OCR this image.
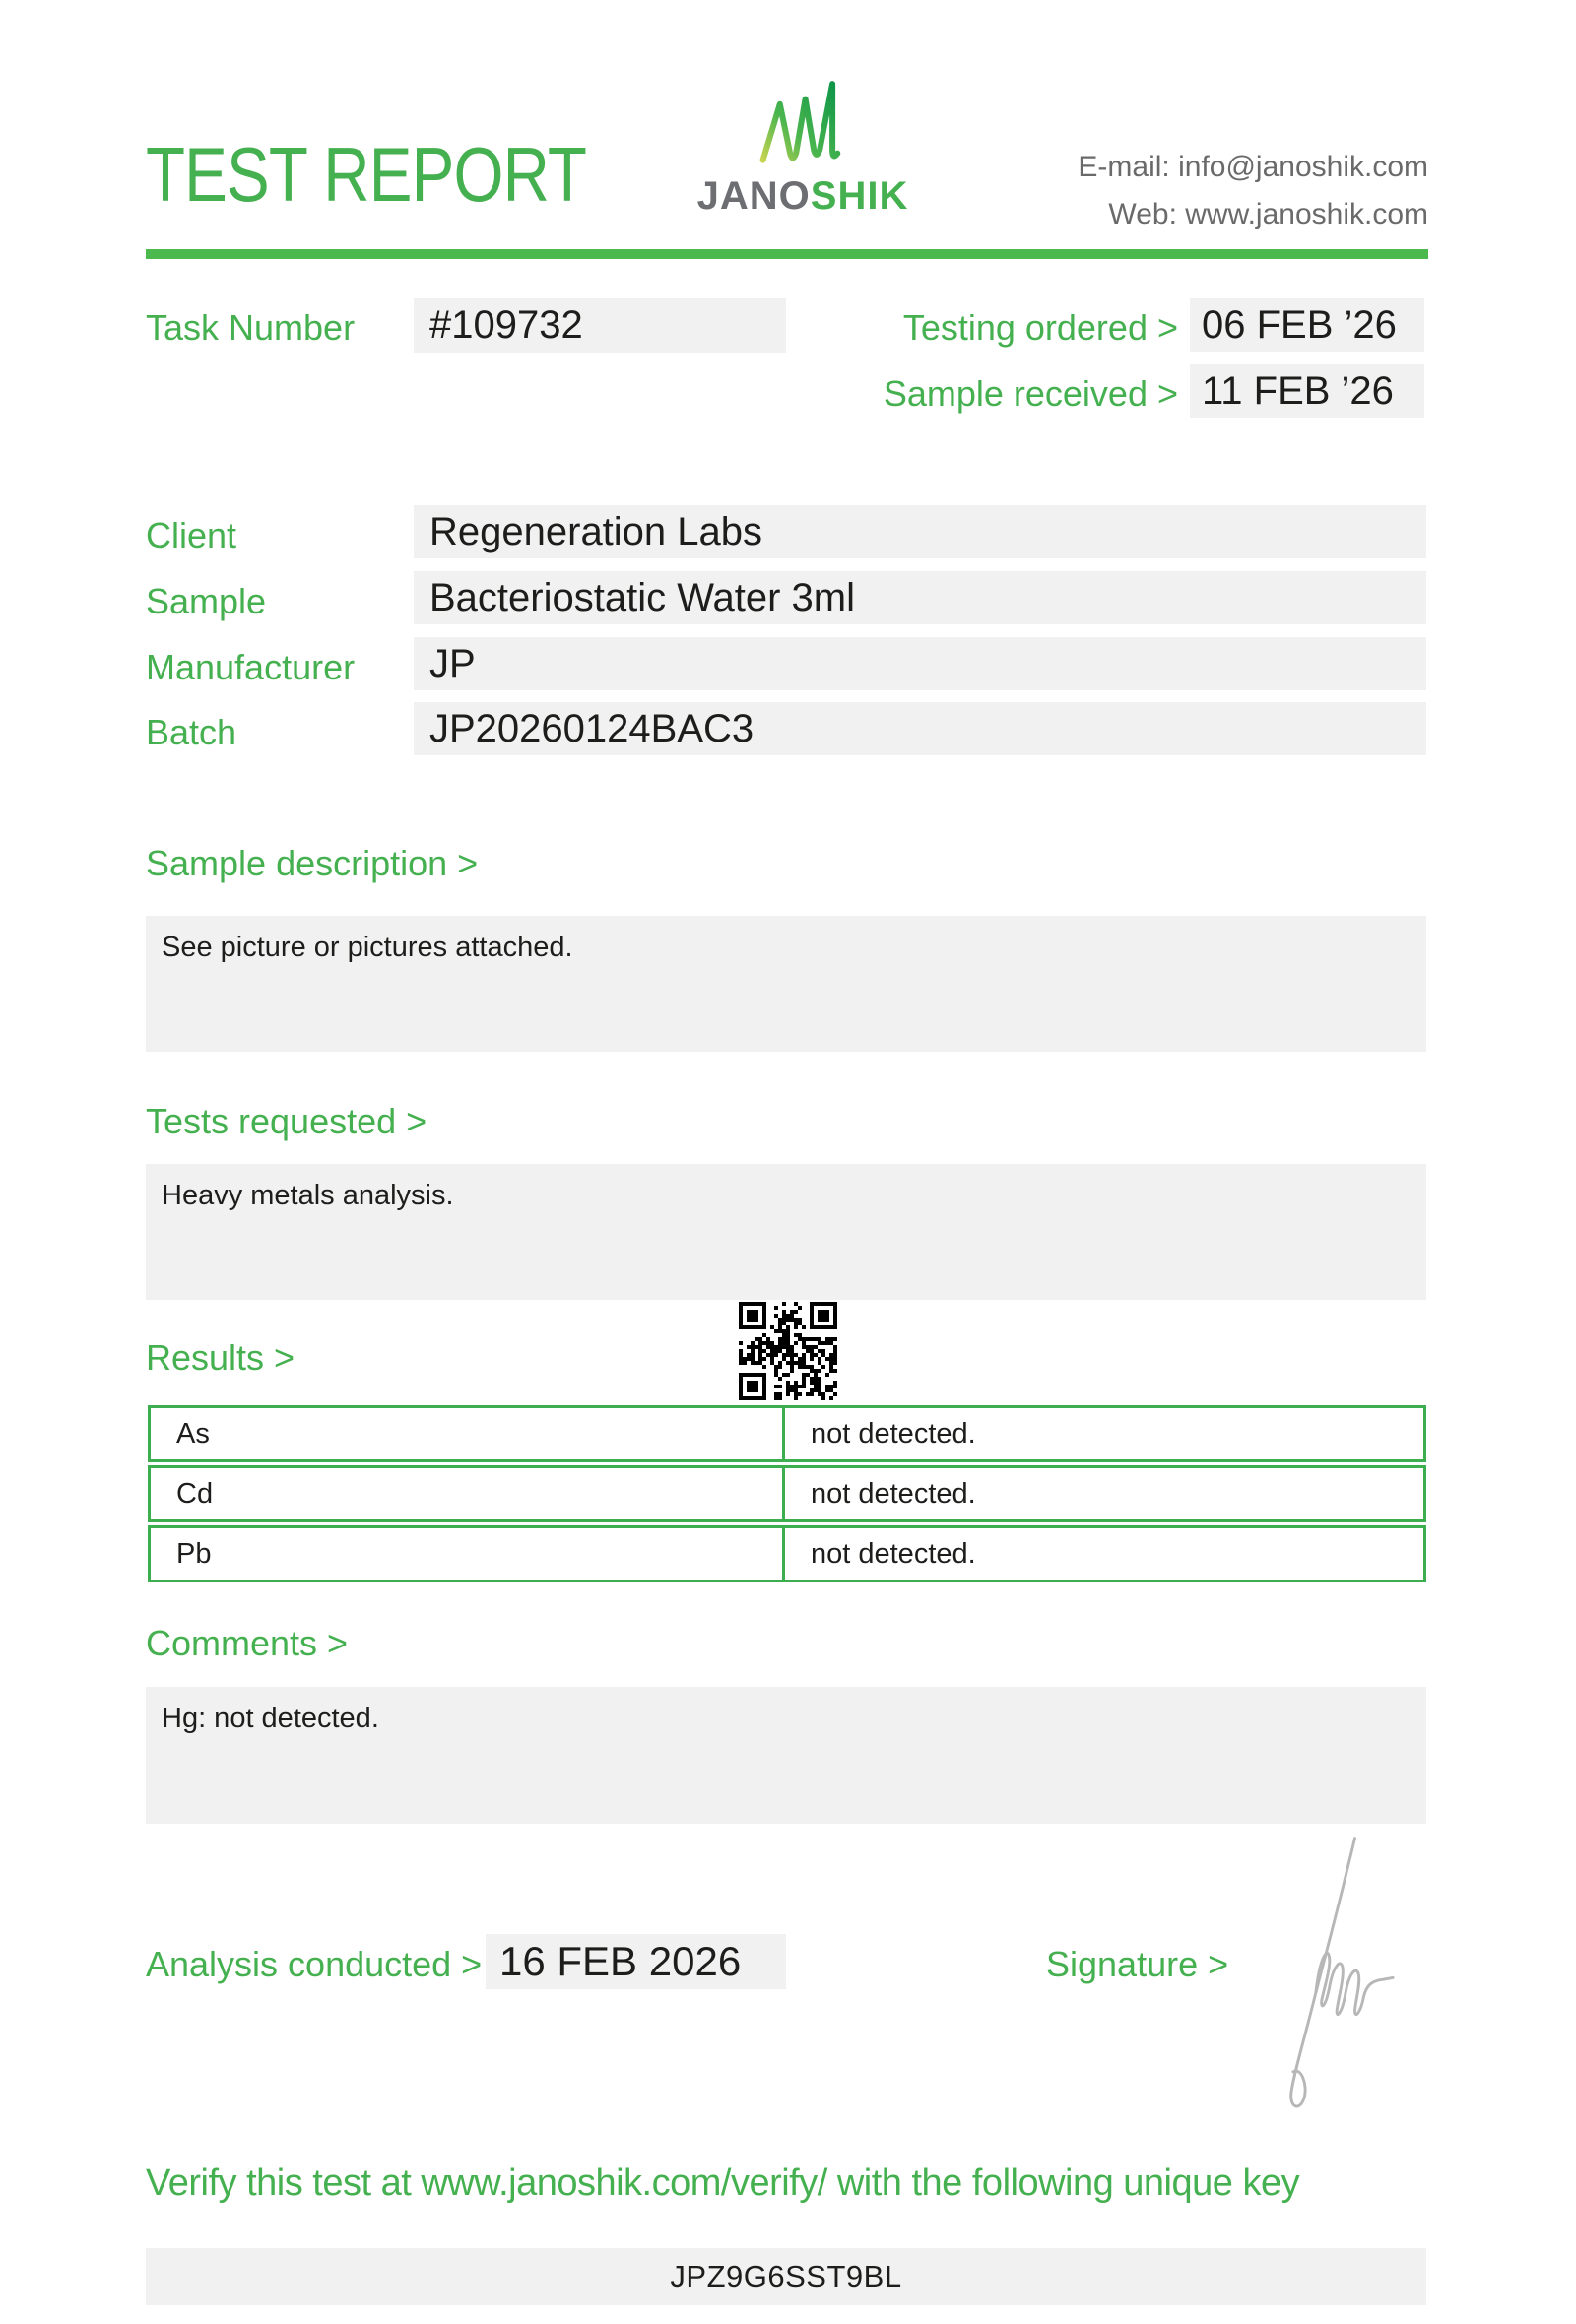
TEST REPORT	JANOSHIK
E-mail: info@janoshik.com
Web: www.janoshik.com
Task Number	#109732	Testing ordered > 06 FEB ’26
Sample received > 11 FEB ’26
Client	Regeneration Labs
Sample	Bacteriostatic Water 3ml
Manufacturer	JP
Batch	JP20260124BAC3
Sample description >
See picture or pictures attached.
Tests requested >
Heavy metals analysis.
Results >
As	not detected.
Cd	not detected.
Pb	not detected.
Comments >
Hg: not detected.
Analysis conducted > 16 FEB 2026	Signature >
Verify this test at www.janoshik.com/verify/ with the following unique key
JPZ9G6SST9BL
